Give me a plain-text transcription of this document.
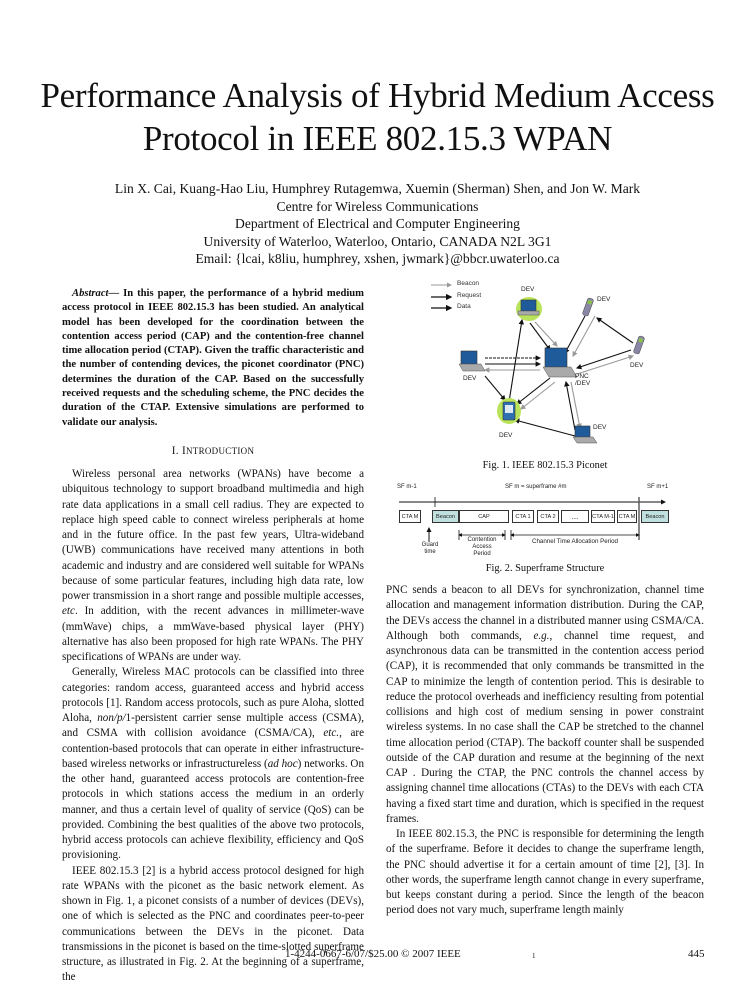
Performance Analysis of Hybrid Medium Access
Protocol in IEEE 802.15.3 WPAN
Lin X. Cai, Kuang-Hao Liu, Humphrey Rutagemwa, Xuemin (Sherman) Shen, and Jon W. Mark
Centre for Wireless Communications
Department of Electrical and Computer Engineering
University of Waterloo, Waterloo, Ontario, CANADA N2L 3G1
Email: {lcai, k8liu, humphrey, xshen, jwmark}@bbcr.uwaterloo.ca

Abstract— In this paper, the performance of a hybrid medium access protocol in IEEE 802.15.3 has been studied. An analytical model has been developed for the coordination between the contention access period (CAP) and the contention-free channel time allocation period (CTAP). Given the traffic characteristic and the number of contending devices, the piconet coordinator (PNC) determines the duration of the CAP. Based on the successfully received requests and the scheduling scheme, the PNC decides the duration of the CTAP. Extensive simulations are performed to validate our analysis.

I. INTRODUCTION

Wireless personal area networks (WPANs) have become a ubiquitous technology to support broadband multimedia and high rate data applications in a small cell radius. They are expected to replace high speed cable to connect wireless peripherals at home and in the future office. In the past few years, Ultra-wideband (UWB) communications have received many attentions in both academic and industry and are considered well suitable for WPANs because of some particular features, including high data rate, low power transmission in a short range and possible multiple accesses, etc. In addition, with the recent advances in millimeter-wave (mmWave) chips, a mmWave-based physical layer (PHY) alternative has also been proposed for high rate WPANs. The PHY specifications of WPANs are under way.

Generally, Wireless MAC protocols can be classified into three categories: random access, guaranteed access and hybrid access protocols [1]. Random access protocols, such as pure Aloha, slotted Aloha, non/p/1-persistent carrier sense multiple access (CSMA), and CSMA with collision avoidance (CSMA/CA), etc., are contention-based protocols that can operate in either infrastructure-based wireless networks or infrastructureless (ad hoc) networks. On the other hand, guaranteed access protocols are contention-free protocols in which stations access the medium in an orderly manner, and thus a certain level of quality of service (QoS) can be provided. Combining the best qualities of the above two protocols, hybrid access protocols can achieve flexibility, efficiency and QoS provisioning.

IEEE 802.15.3 [2] is a hybrid access protocol designed for high rate WPANs with the piconet as the basic network element. As shown in Fig. 1, a piconet consists of a number of devices (DEVs), one of which is selected as the PNC and coordinates peer-to-peer communications between the DEVs in the piconet. Data transmissions in the piconet is based on the time-slotted superframe structure, as illustrated in Fig. 2. At the beginning of a superframe, the

Beacon
Request
Data
DEV
DEV
DEV
DEV	PNC
/DEV
DEV
DEV
Fig. 1. IEEE 802.15.3 Piconet
SF m-1	SF m = superframe #m	SF m+1
CTA M	Beacon	CAP	CTA 1	CTA 2	...	CTA M-1 CTA M	Beacon
Guard
time
Contention
Access
Period
Channel Time Allocation Period
Fig. 2. Superframe Structure

PNC sends a beacon to all DEVs for synchronization, channel time allocation and management information distribution. During the CAP, the DEVs access the channel in a distributed manner using CSMA/CA. Although both commands, e.g., channel time request, and asynchronous data can be transmitted in the contention access period (CAP), it is recommended that only commands be transmitted in the CAP to minimize the length of contention period. This is desirable to reduce the protocol overheads and inefficiency resulting from potential collisions and high cost of medium sensing in power constraint wireless systems. In no case shall the CAP be stretched to the channel time allocation period (CTAP). The backoff counter shall be suspended outside of the CAP duration and resume at the beginning of the next CAP . During the CTAP, the PNC controls the channel access by assigning channel time allocations (CTAs) to the DEVs with each CTA having a fixed start time and duration, which is specified in the request frames.

In IEEE 802.15.3, the PNC is responsible for determining the length of the superframe. Before it decides to change the superframe length, the PNC should advertise it for a certain amount of time [2], [3]. In other words, the superframe length cannot change in every superframe, but keeps constant during a period. Since the length of the beacon period does not vary much, superframe length mainly

1-4244-0667-6/07/$25.00 © 2007 IEEE	1	445
